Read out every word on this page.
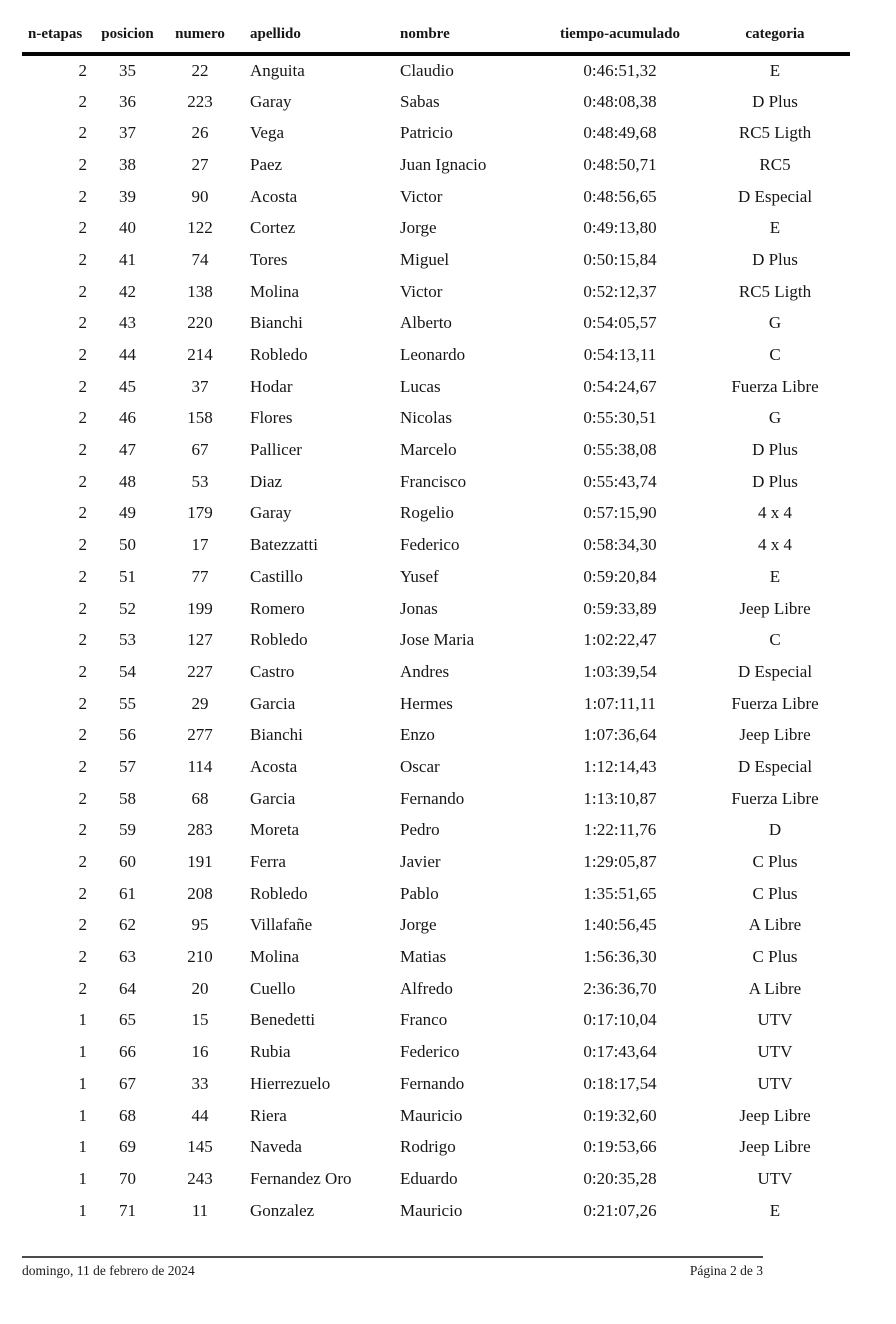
n-etapas	posicion	numero	apellido	nombre	tiempo-acumulado	categoria
2	35	22	Anguita	Claudio	0:46:51,32	E
2	36	223	Garay	Sabas	0:48:08,38	D Plus
2	37	26	Vega	Patricio	0:48:49,68	RC5 Ligth
2	38	27	Paez	Juan Ignacio	0:48:50,71	RC5
2	39	90	Acosta	Victor	0:48:56,65	D Especial
2	40	122	Cortez	Jorge	0:49:13,80	E
2	41	74	Tores	Miguel	0:50:15,84	D Plus
2	42	138	Molina	Victor	0:52:12,37	RC5 Ligth
2	43	220	Bianchi	Alberto	0:54:05,57	G
2	44	214	Robledo	Leonardo	0:54:13,11	C
2	45	37	Hodar	Lucas	0:54:24,67	Fuerza Libre
2	46	158	Flores	Nicolas	0:55:30,51	G
2	47	67	Pallicer	Marcelo	0:55:38,08	D Plus
2	48	53	Diaz	Francisco	0:55:43,74	D Plus
2	49	179	Garay	Rogelio	0:57:15,90	4 x 4
2	50	17	Batezzatti	Federico	0:58:34,30	4 x 4
2	51	77	Castillo	Yusef	0:59:20,84	E
2	52	199	Romero	Jonas	0:59:33,89	Jeep Libre
2	53	127	Robledo	Jose Maria	1:02:22,47	C
2	54	227	Castro	Andres	1:03:39,54	D Especial
2	55	29	Garcia	Hermes	1:07:11,11	Fuerza Libre
2	56	277	Bianchi	Enzo	1:07:36,64	Jeep Libre
2	57	114	Acosta	Oscar	1:12:14,43	D Especial
2	58	68	Garcia	Fernando	1:13:10,87	Fuerza Libre
2	59	283	Moreta	Pedro	1:22:11,76	D
2	60	191	Ferra	Javier	1:29:05,87	C Plus
2	61	208	Robledo	Pablo	1:35:51,65	C Plus
2	62	95	Villafañe	Jorge	1:40:56,45	A Libre
2	63	210	Molina	Matias	1:56:36,30	C Plus
2	64	20	Cuello	Alfredo	2:36:36,70	A Libre
1	65	15	Benedetti	Franco	0:17:10,04	UTV
1	66	16	Rubia	Federico	0:17:43,64	UTV
1	67	33	Hierrezuelo	Fernando	0:18:17,54	UTV
1	68	44	Riera	Mauricio	0:19:32,60	Jeep Libre
1	69	145	Naveda	Rodrigo	0:19:53,66	Jeep Libre
1	70	243	Fernandez Oro	Eduardo	0:20:35,28	UTV
1	71	11	Gonzalez	Mauricio	0:21:07,26	E
domingo, 11 de febrero de 2024	Página 2 de 3
